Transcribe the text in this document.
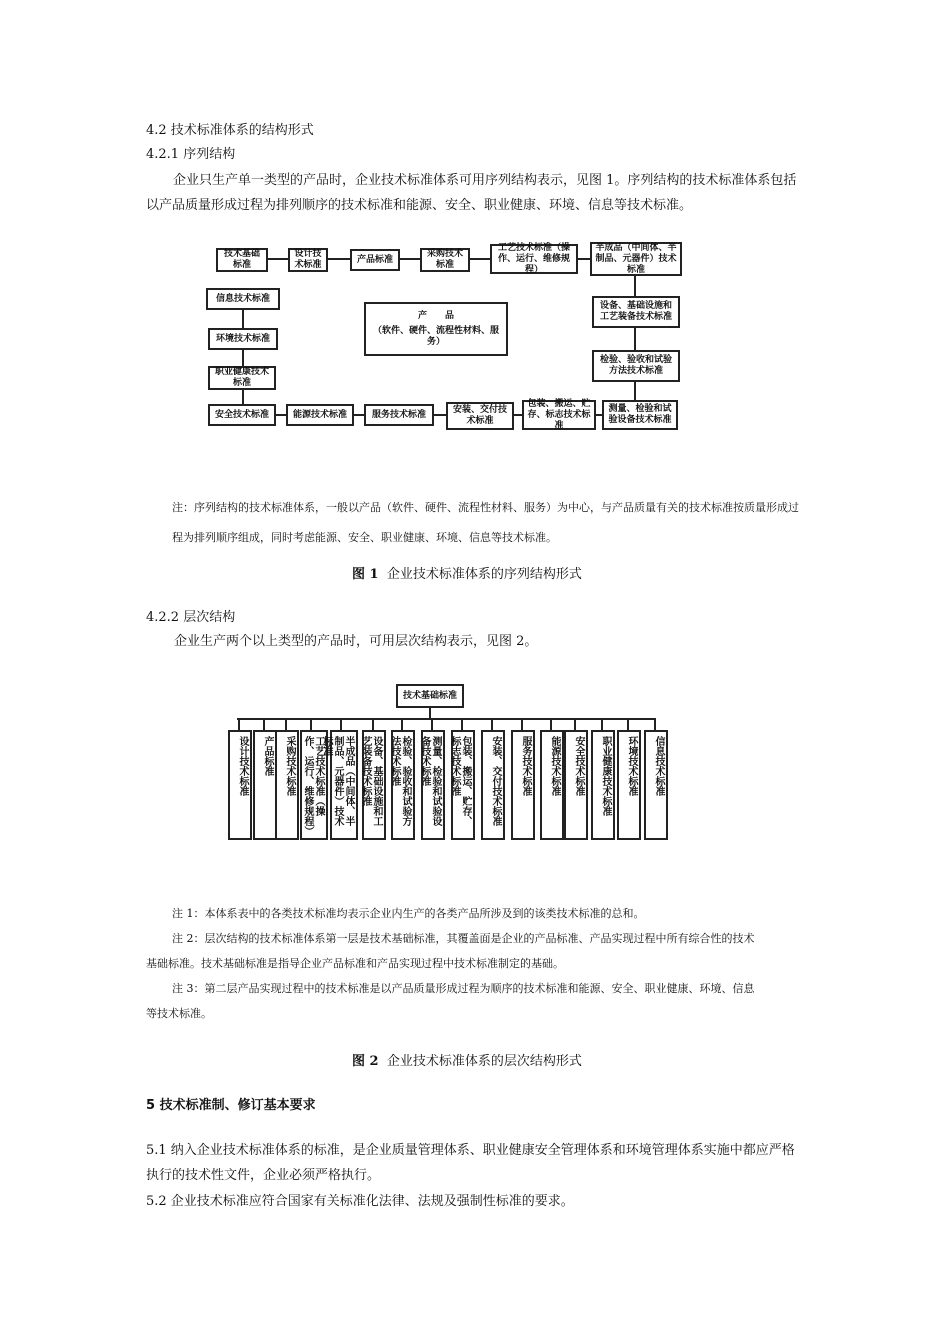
4.2 技术标准体系的结构形式
4.2.1 序列结构
企业只生产单一类型的产品时，企业技术标准体系可用序列结构表示，见图 1。序列结构的技术标准体系包括以产品质量形成过程为排列顺序的技术标准和能源、安全、职业健康、环境、信息等技术标准。
技术基础标准
设计技术标准
产品标准
采购技术标准
工艺技术标准（操作、运行、维修规程）
半成品（中间体、半制品、元器件）技术标准
设备、基础设施和工艺装备技术标准
检验、验收和试验方法技术标准
安全技术标准	能源技术标准	服务技术标准	安装、交付技术标准
包装、搬运、贮存、标志技术标准
测量、检验和试验设备技术标准
信息技术标准
环境技术标准
职业健康技术标准
产　　品
（软件、硬件、流程性材料、服务）
注：序列结构的技术标准体系，一般以产品（软件、硬件、流程性材料、服务）为中心，与产品质量有关的技术标准按质量形成过程为排列顺序组成，同时考虑能源、安全、职业健康、环境、信息等技术标准。
图 1 企业技术标准体系的序列结构形式
4.2.2 层次结构
企业生产两个以上类型的产品时，可用层次结构表示，见图 2。
技术基础标准
设计技术标准	产品标准	采购技术标准	工艺技术标准（操作、运行、维修规程）	半成品（中间体、半制品、元器件）技术标准	设备、基础设施和工艺装备技术标准	检验、验收和试验方法技术标准	测量、检验和试验设备技术标准	包装、搬运、贮存、标志技术标准	安装、交付技术标准	服务技术标准	能源技术标准	安全技术标准	职业健康技术标准	环境技术标准	信息技术标准
注 1：本体系表中的各类技术标准均表示企业内生产的各类产品所涉及到的该类技术标准的总和。
注 2：层次结构的技术标准体系第一层是技术基础标准，其覆盖面是企业的产品标准、产品实现过程中所有综合性的技术
基础标准。技术基础标准是指导企业产品标准和产品实现过程中技术标准制定的基础。
注 3：第二层产品实现过程中的技术标准是以产品质量形成过程为顺序的技术标准和能源、安全、职业健康、环境、信息
等技术标准。
图 2 企业技术标准体系的层次结构形式
5 技术标准制、修订基本要求
5.1 纳入企业技术标准体系的标准，是企业质量管理体系、职业健康安全管理体系和环境管理体系实施中都应严格执行的技术性文件，企业必须严格执行。
5.2 企业技术标准应符合国家有关标准化法律、法规及强制性标准的要求。
